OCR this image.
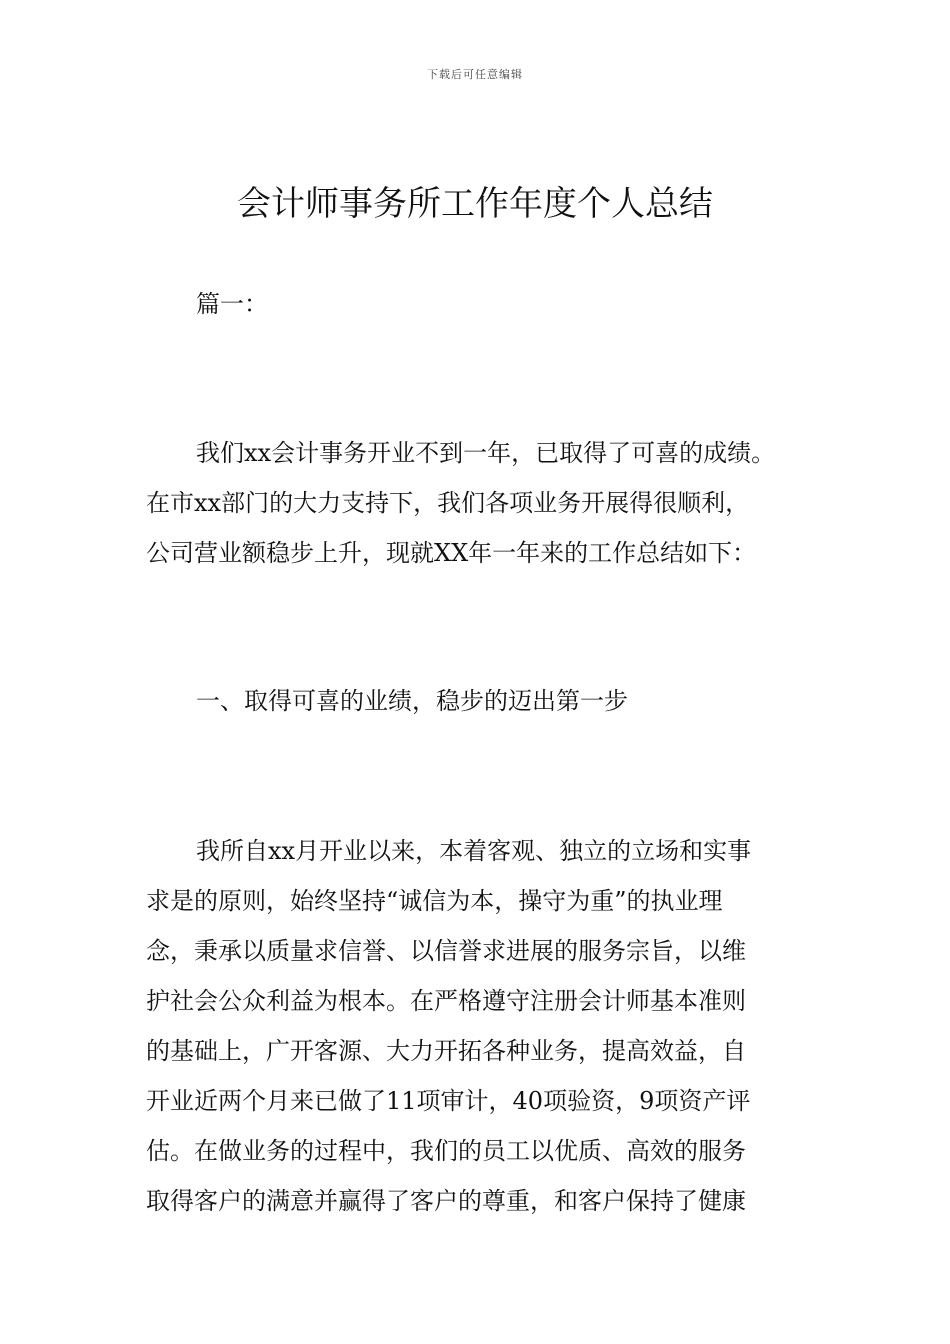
下载后可任意编辑
会计师事务所工作年度个人总结

篇一：

我们xx会计事务开业不到一年，已取得了可喜的成绩。
在市xx部门的大力支持下，我们各项业务开展得很顺利，
公司营业额稳步上升，现就XX年一年来的工作总结如下：
一、取得可喜的业绩，稳步的迈出第一步
我所自xx月开业以来，本着客观、独立的立场和实事
求是的原则，始终坚持“诚信为本，操守为重”的执业理
念，秉承以质量求信誉、以信誉求进展的服务宗旨，以维
护社会公众利益为根本。在严格遵守注册会计师基本准则
的基础上，广开客源、大力开拓各种业务，提高效益，自
开业近两个月来已做了11项审计，40项验资，9项资产评
估。在做业务的过程中，我们的员工以优质、高效的服务
取得客户的满意并赢得了客户的尊重，和客户保持了健康
